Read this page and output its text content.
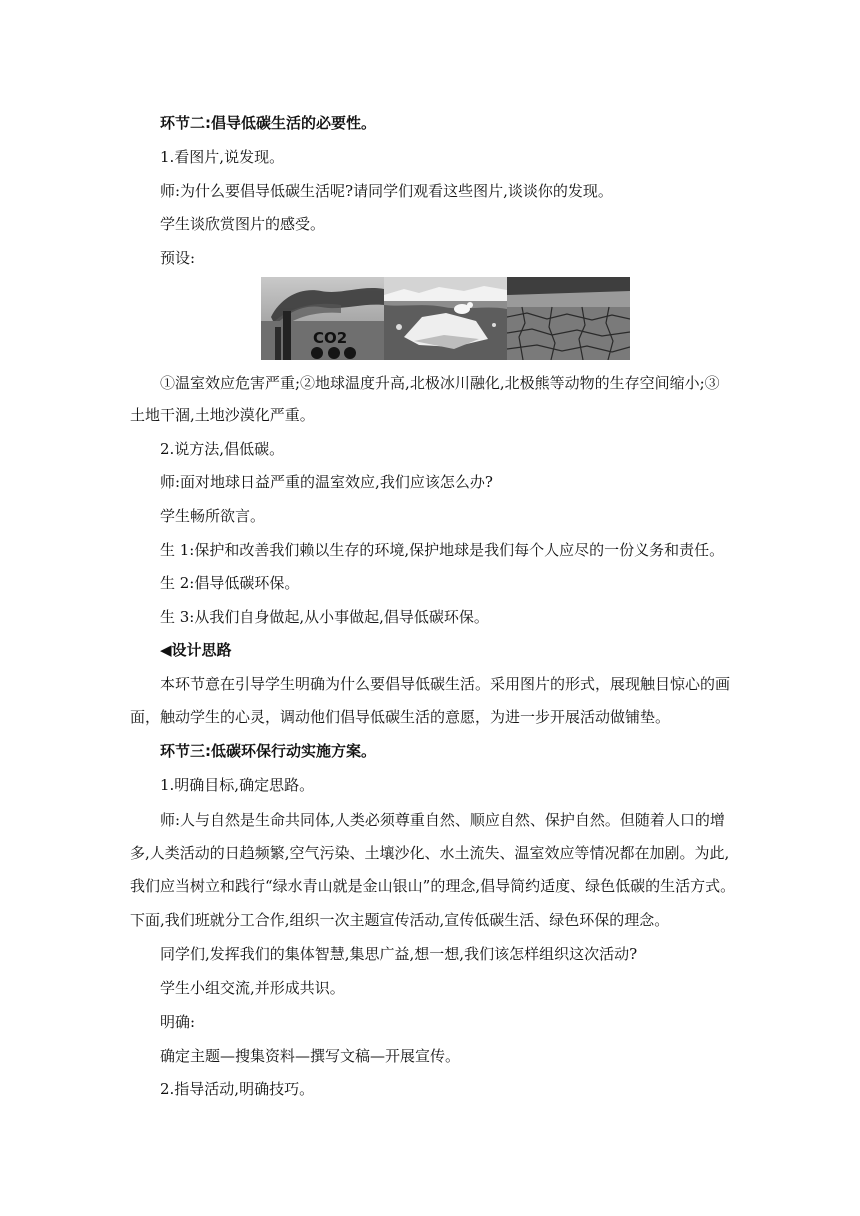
环节二:倡导低碳生活的必要性。

1.看图片,说发现。

师:为什么要倡导低碳生活呢?请同学们观看这些图片,谈谈你的发现。

学生谈欣赏图片的感受。

预设:

CO2

①温室效应危害严重;②地球温度升高,北极冰川融化,北极熊等动物的生存空间缩小;③

土地干涸,土地沙漠化严重。

2.说方法,倡低碳。

师:面对地球日益严重的温室效应,我们应该怎么办?

学生畅所欲言。

生 1:保护和改善我们赖以生存的环境,保护地球是我们每个人应尽的一份义务和责任。

生 2:倡导低碳环保。

生 3:从我们自身做起,从小事做起,倡导低碳环保。

◀设计思路

本环节意在引导学生明确为什么要倡导低碳生活。采用图片的形式，展现触目惊心的画

面，触动学生的心灵，调动他们倡导低碳生活的意愿，为进一步开展活动做铺垫。

环节三:低碳环保行动实施方案。

1.明确目标,确定思路。

师:人与自然是生命共同体,人类必须尊重自然、顺应自然、保护自然。但随着人口的增

多,人类活动的日趋频繁,空气污染、土壤沙化、水土流失、温室效应等情况都在加剧。为此,

我们应当树立和践行“绿水青山就是金山银山”的理念,倡导简约适度、绿色低碳的生活方式。

下面,我们班就分工合作,组织一次主题宣传活动,宣传低碳生活、绿色环保的理念。

同学们,发挥我们的集体智慧,集思广益,想一想,我们该怎样组织这次活动?

学生小组交流,并形成共识。

明确:

确定主题—搜集资料—撰写文稿—开展宣传。

2.指导活动,明确技巧。
